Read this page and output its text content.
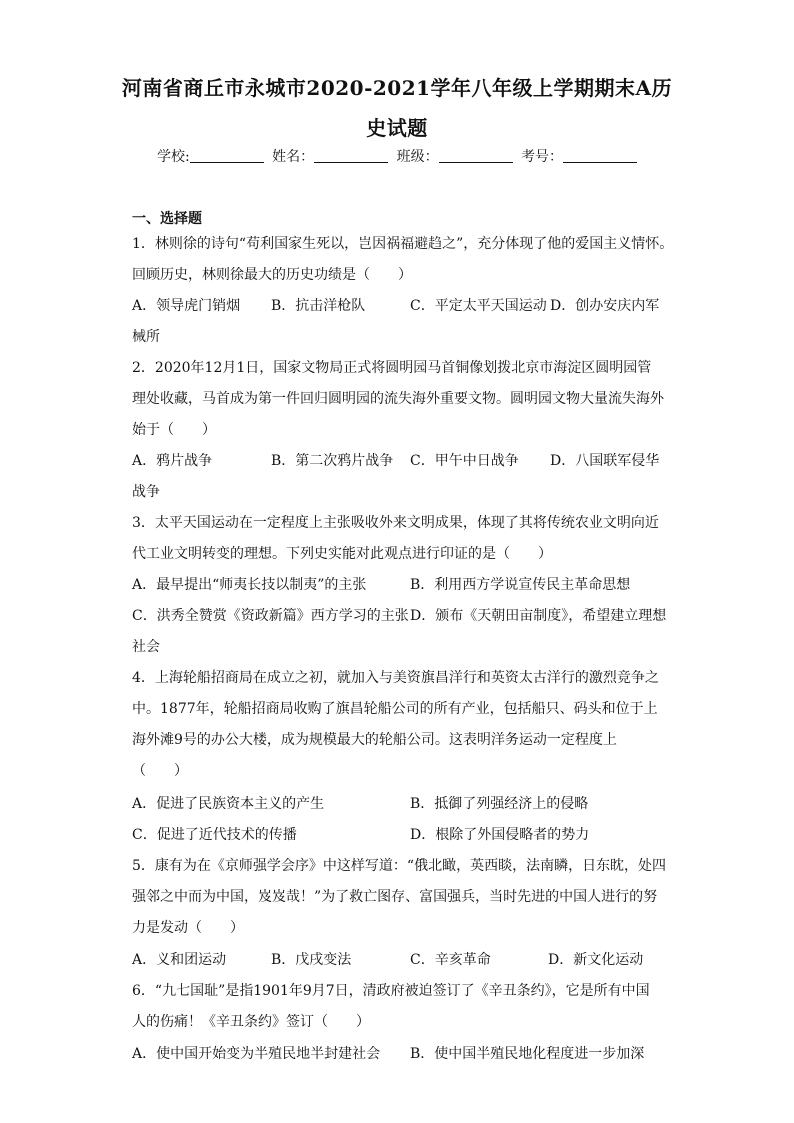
河南省商丘市永城市2020-2021学年八年级上学期期末A历
史试题
学校:	姓名：	班级：	考号：
一、选择题
1．林则徐的诗句“苟利国家生死以，岂因祸福避趋之”，充分体现了他的爱国主义情怀。
回顾历史，林则徐最大的历史功绩是（　　）
A．领导虎门销烟 B．抗击洋枪队	C．平定太平天国运动 D．创办安庆内军
械所
2．2020年12月1日，国家文物局正式将圆明园马首铜像划拨北京市海淀区圆明园管
理处收藏，马首成为第一件回归圆明园的流失海外重要文物。圆明园文物大量流失海外
始于（　　）
A．鸦片战争	B．第二次鸦片战争 C．甲午中日战争 D．八国联军侵华
战争
3．太平天国运动在一定程度上主张吸收外来文明成果，体现了其将传统农业文明向近
代工业文明转变的理想。下列史实能对此观点进行印证的是（　　）
A．最早提出“师夷长技以制夷”的主张	B．利用西方学说宣传民主革命思想
C．洪秀全赞赏《资政新篇》西方学习的主张 D．颁布《天朝田亩制度》，希望建立理想
社会
4．上海轮船招商局在成立之初，就加入与美资旗昌洋行和英资太古洋行的激烈竞争之
中。1877年，轮船招商局收购了旗昌轮船公司的所有产业，包括船只、码头和位于上
海外滩9号的办公大楼，成为规模最大的轮船公司。这表明洋务运动一定程度上
（　　）
A．促进了民族资本主义的产生	B．抵御了列强经济上的侵略
C．促进了近代技术的传播	D．根除了外国侵略者的势力
5．康有为在《京师强学会序》中这样写道：“俄北瞰，英西睒，法南瞵，日东眈，处四
强邻之中而为中国，岌岌哉！”为了救亡图存、富国强兵，当时先进的中国人进行的努
力是发动（　　）
A．义和团运动	B．戊戌变法	C．辛亥革命	D．新文化运动
6．“九七国耻”是指1901年9月7日，清政府被迫签订了《辛丑条约》，它是所有中国
人的伤痛！《辛丑条约》签订（　　）
A．使中国开始变为半殖民地半封建社会 B．使中国半殖民地化程度进一步加深
